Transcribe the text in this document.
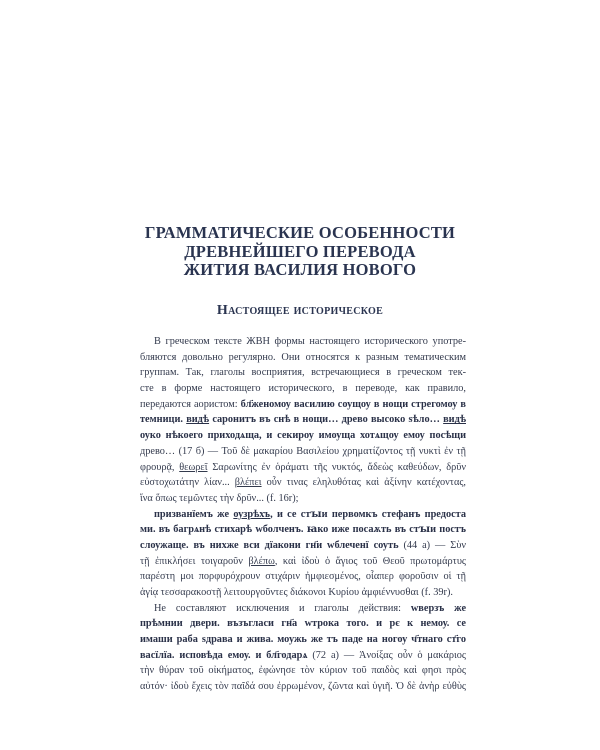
ГРАММАТИЧЕСКИЕ ОСОБЕННОСТИ
ДРЕВНЕЙШЕГО ПЕРЕВОДА
ЖИТИЯ ВАСИЛИЯ НОВОГО
Настоящее историческое
В греческом тексте ЖВН формы настоящего исторического употре-
бляются довольно регулярно. Они относятся к разным тематическим
группам. Так, глаголы восприятия, встречающиеся в греческом тек-
сте в форме настоящего исторического, в переводе, как правило,
передаются аористом: бл҃женомоу василию соущоу в нощи стрегомоу в
темници. видѣ саронитъ въ снѣ в нощи… древо высоко ѕѣло… видѣ
оуко нѣкоего приходѧща, и секироу имоуща хотѧщоу емоу посѣщи
древо… (17 б) — Τοῦ δὲ μακαρίου Βασιλείου χρηματίζοντος τῇ νυκτὶ ἐν τῇ
φρουρᾷ, θεωρεῖ Σαρωνίτης ἐν ὁράματι τῆς νυκτός, ἄδεὼς καθεύδων, δρῦν
εὐστοχωτάτην λίαν... βλέπει οὖν τινας εληλυθότας καὶ ἀξίνην κατέχοντας,
ἵνα ὅπως τεμῶντες τὴν δρῦν... (f. 16r);
призванїемъ же оузрѣхъ, и се стꙑи первомкъ стефанъ предоста
ми. въ багрѧнѣ стихарѣ wболченъ. ꙗко иже посаѫть въ стꙑи постъ
слоужаще. въ нихже вси дїакони гн҃и wблеченї соуть (44 а) — Σὺν
τῇ ἐπικλήσει τοιγαροῦν βλέπω, καὶ ἰδοὺ ὁ ἅγιος τοῦ Θεοῦ πρωτομάρτυς
παρέστη μοι πορφυρόχρουν στιχάριν ἠμφιεσμένος, οἷαπερ φοροῦσιν οἱ τῇ
ἁγίᾳ τεσσαρακοστῇ λειτουργοῦντες διάκονοι Κυρίου ἀμφιέννυσθαι (f. 39r).
Не составляют исключения и глаголы действия: wверзъ же
прѣмнии двери. възъгласи гн҃а wтрока того. и рє к немоу. се
имаши раба ѕдрава и жива. моужь же тъ паде на ногоу ч҃тнаго ст҃го
васїлїа. исповѣда емоу. и бл҃годарѧ (72 а) — Ἀνοίξας οὖν ὁ μακάριος
τὴν θύραν τοῦ οἰκήματος, ἐφώνησε τὸν κύριον τοῦ παιδὸς καὶ φησι πρὸς
αὐτόν· ἰδοὺ ἔχεις τὸν παῖδά σου ἐρρωμένον, ζῶντα καὶ ὑγιῆ. Ὁ δὲ ἀνὴρ εὐθὺς
